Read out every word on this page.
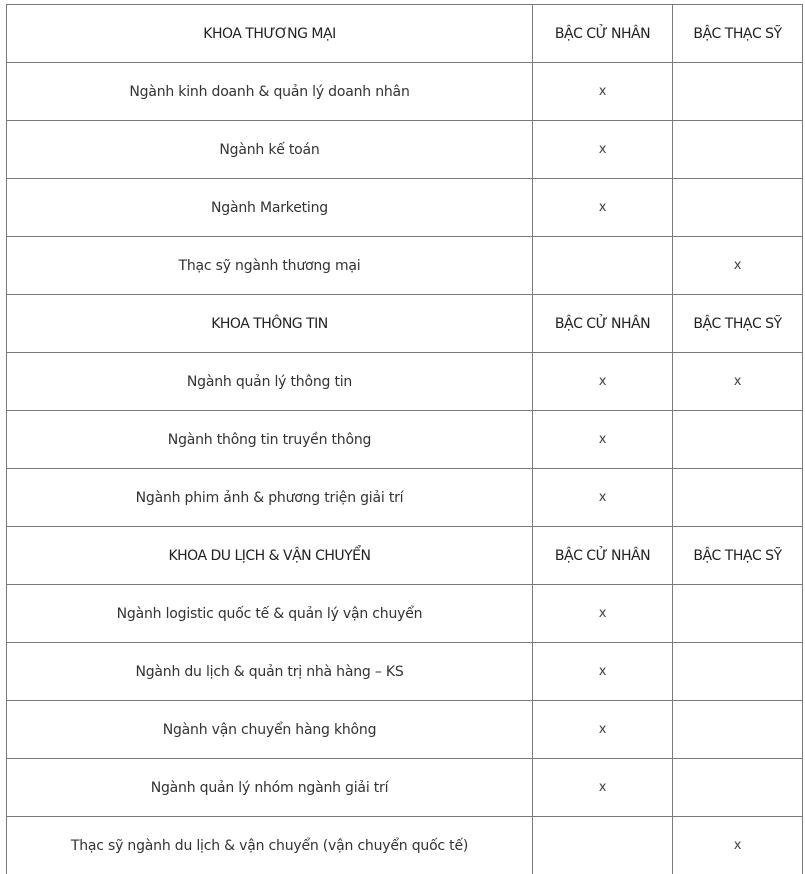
KHOA THƯƠNG MẠI	BẬC CỬ NHÂN	BẬC THẠC SỸ
Ngành kinh doanh & quản lý doanh nhân	x	
Ngành kế toán	x	
Ngành Marketing	x	
Thạc sỹ ngành thương mại		x
KHOA THÔNG TIN	BẬC CỬ NHÂN	BẬC THẠC SỸ
Ngành quản lý thông tin	x	x
Ngành thông tin truyền thông	x	
Ngành phim ảnh & phương triện giải trí	x	
KHOA DU LỊCH & VẬN CHUYỂN	BẬC CỬ NHÂN	BẬC THẠC SỸ
Ngành logistic quốc tế & quản lý vận chuyển	x	
Ngành du lịch & quản trị nhà hàng – KS	x	
Ngành vận chuyển hàng không	x	
Ngành quản lý nhóm ngành giải trí	x	
Thạc sỹ ngành du lịch & vận chuyển (vận chuyển quốc tế)		x
